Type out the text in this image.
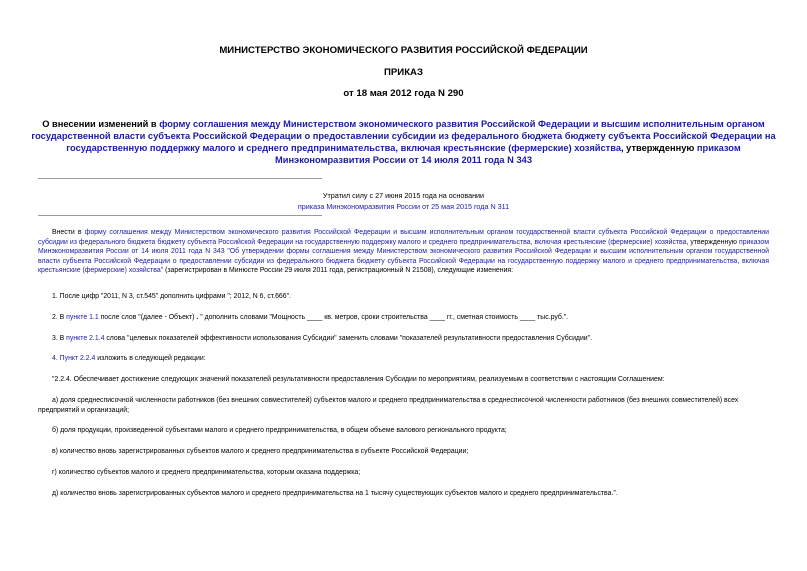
МИНИСТЕРСТВО ЭКОНОМИЧЕСКОГО РАЗВИТИЯ РОССИЙСКОЙ ФЕДЕРАЦИИ
ПРИКАЗ
от 18 мая 2012 года N 290
О внесении изменений в форму соглашения между Министерством экономического развития Российской Федерации и высшим исполнительным органом государственной власти субъекта Российской Федерации о предоставлении субсидии из федерального бюджета бюджету субъекта Российской Федерации на государственную поддержку малого и среднего предпринимательства, включая крестьянские (фермерские) хозяйства, утвержденную приказом Минэкономразвития России от 14 июля 2011 года N 343
Утратил силу с 27 июня 2015 года на основании
приказа Минэкономразвития России от 25 мая 2015 года N 311
Внести в форму соглашения между Министерством экономического развития Российской Федерации и высшим исполнительным органом государственной власти субъекта Российской Федерации о предоставлении субсидии из федерального бюджета бюджету субъекта Российской Федерации на государственную поддержку малого и среднего предпринимательства, включая крестьянские (фермерские) хозяйства, утвержденную приказом Минэкономразвития России от 14 июля 2011 года N 343 "Об утверждении формы соглашения между Министерством экономического развития Российской Федерации и высшим исполнительным органом государственной власти субъекта Российской Федерации о предоставлении субсидии из федерального бюджета бюджету субъекта Российской Федерации на государственную поддержку малого и среднего предпринимательства, включая крестьянские (фермерские) хозяйства" (зарегистрирован в Минюсте России 29 июля 2011 года, регистрационный N 21508), следующие изменения:
1. После цифр "2011, N 3, ст.545" дополнить цифрами "; 2012, N 6, ст.666".
2. В пункте 1.1 после слов "(далее - Объект) . " дополнить словами "Мощность ____ кв. метров, сроки строительства ____ гг., сметная стоимость ____ тыс.руб.".
3. В пункте 2.1.4 слова "целевых показателей эффективности использования Субсидии" заменить словами "показателей результативности предоставления Субсидии".
4. Пункт 2.2.4 изложить в следующей редакции:
"2.2.4. Обеспечивает достижение следующих значений показателей результативности предоставления Субсидии по мероприятиям, реализуемым в соответствии с настоящим Соглашением:
а) доля среднесписочной численности работников (без внешних совместителей) субъектов малого и среднего предпринимательства в среднесписочной численности работников (без внешних совместителей) всех предприятий и организаций;
б) доля продукции, произведенной субъектами малого и среднего предпринимательства, в общем объеме валового регионального продукта;
в) количество вновь зарегистрированных субъектов малого и среднего предпринимательства в субъекте Российской Федерации;
г) количество субъектов малого и среднего предпринимательства, которым оказана поддержка;
д) количество вновь зарегистрированных субъектов малого и среднего предпринимательства на 1 тысячу существующих субъектов малого и среднего предпринимательства.".
